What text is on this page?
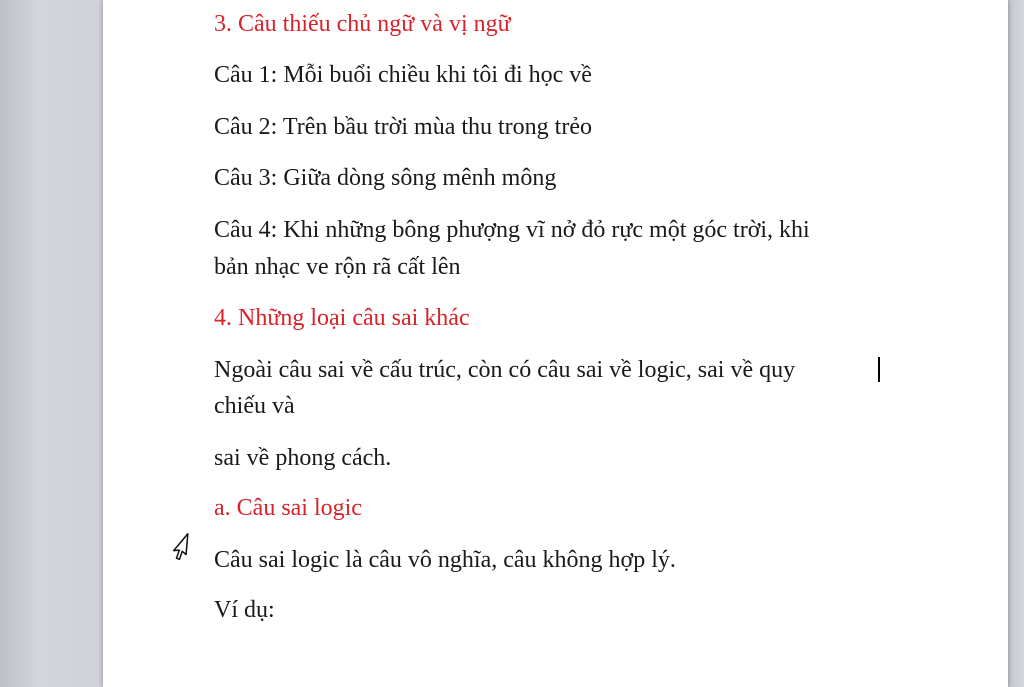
3. Câu thiếu chủ ngữ và vị ngữ

Câu 1: Mỗi buổi chiều khi tôi đi học về

Câu 2: Trên bầu trời mùa thu trong trẻo

Câu 3: Giữa dòng sông mênh mông

Câu 4: Khi những bông phượng vĩ nở đỏ rực một góc trời, khi

bản nhạc ve rộn rã cất lên

4. Những loại câu sai khác

Ngoài câu sai về cấu trúc, còn có câu sai về logic, sai về quy

chiếu và

sai về phong cách.

a. Câu sai logic

Câu sai logic là câu vô nghĩa, câu không hợp lý.

Ví dụ:
